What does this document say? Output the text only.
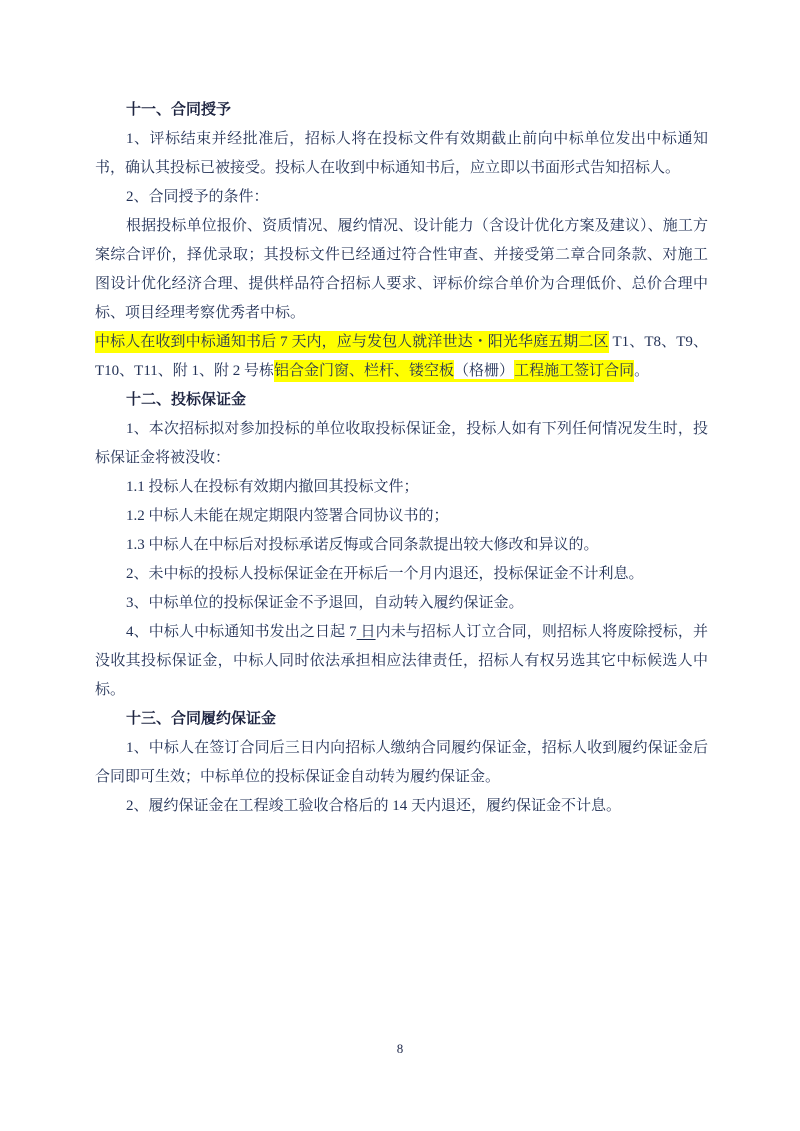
十一、合同授予

1、评标结束并经批准后，招标人将在投标文件有效期截止前向中标单位发出中标通知书，确认其投标已被接受。投标人在收到中标通知书后，应立即以书面形式告知招标人。

2、合同授予的条件：

根据投标单位报价、资质情况、履约情况、设计能力（含设计优化方案及建议）、施工方案综合评价，择优录取；其投标文件已经通过符合性审查、并接受第二章合同条款、对施工图设计优化经济合理、提供样品符合招标人要求、评标价综合单价为合理低价、总价合理中标、项目经理考察优秀者中标。

中标人在收到中标通知书后 7 天内，应与发包人就洋世达・阳光华庭五期二区 T1、T8、T9、T10、T11、附 1、附 2 号栋铝合金门窗、栏杆、镂空板（格栅）工程施工签订合同。

十二、投标保证金

1、本次招标拟对参加投标的单位收取投标保证金，投标人如有下列任何情况发生时，投标保证金将被没收：

1.1 投标人在投标有效期内撤回其投标文件；

1.2 中标人未能在规定期限内签署合同协议书的；

1.3 中标人在中标后对投标承诺反悔或合同条款提出较大修改和异议的。

2、未中标的投标人投标保证金在开标后一个月内退还，投标保证金不计利息。

3、中标单位的投标保证金不予退回，自动转入履约保证金。

4、中标人中标通知书发出之日起 7 日内未与招标人订立合同，则招标人将废除授标，并没收其投标保证金，中标人同时依法承担相应法律责任，招标人有权另选其它中标候选人中标。

十三、合同履约保证金

1、中标人在签订合同后三日内向招标人缴纳合同履约保证金，招标人收到履约保证金后合同即可生效；中标单位的投标保证金自动转为履约保证金。

2、履约保证金在工程竣工验收合格后的 14 天内退还，履约保证金不计息。

8
